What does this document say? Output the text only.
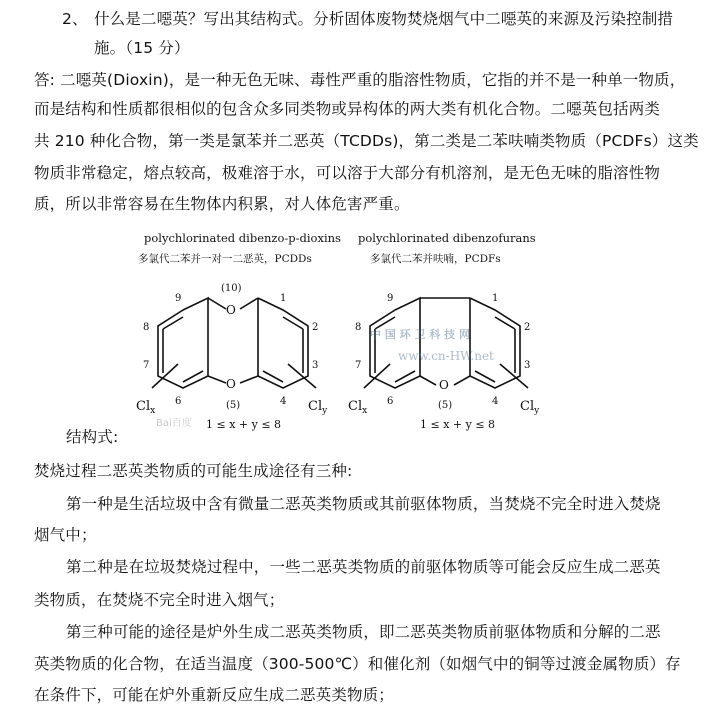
2、 什么是二噁英？写出其结构式。分析固体废物焚烧烟气中二噁英的来源及污染控制措
施。（15 分）
答: 二噁英(Dioxin)，是一种无色无味、毒性严重的脂溶性物质，它指的并不是一种单一物质，
而是结构和性质都很相似的包含众多同类物或异构体的两大类有机化合物。二噁英包括两类
共 210 种化合物，第一类是氯苯并二恶英（TCDDs)，第二类是二苯呋喃类物质（PCDFs）这类
物质非常稳定，熔点较高，极难溶于水，可以溶于大部分有机溶剂，是无色无味的脂溶性物
质，所以非常容易在生物体内积累，对人体危害严重。
polychlorinated dibenzo-p-dioxins
多氯代二苯并一对一二恶英，PCDDs
polychlorinated dibenzofurans
多氯代二苯并呋喃，PCDFs
O
O
(10)
9	1
8	2
7	3
6	(5)	4
$Cl_x$	$Cl_y$
1 ≤ x + y ≤ 8
O
9	1
8	2
7	3
6	(5)	4
$Cl_x$	$Cl_y$
1 ≤ x + y ≤ 8
中 国 环 卫 科 技 网
www.cn-HW.net
Bai百度
结构式:
焚烧过程二恶英类物质的可能生成途径有三种:
第一种是生活垃圾中含有微量二恶英类物质或其前驱体物质，当焚烧不完全时进入焚烧
烟气中；
第二种是在垃圾焚烧过程中，一些二恶英类物质的前驱体物质等可能会反应生成二恶英
类物质，在焚烧不完全时进入烟气；
第三种可能的途径是炉外生成二恶英类物质，即二恶英类物质前驱体物质和分解的二恶
英类物质的化合物，在适当温度（300-500℃）和催化剂（如烟气中的铜等过渡金属物质）存
在条件下，可能在炉外重新反应生成二恶英类物质；
